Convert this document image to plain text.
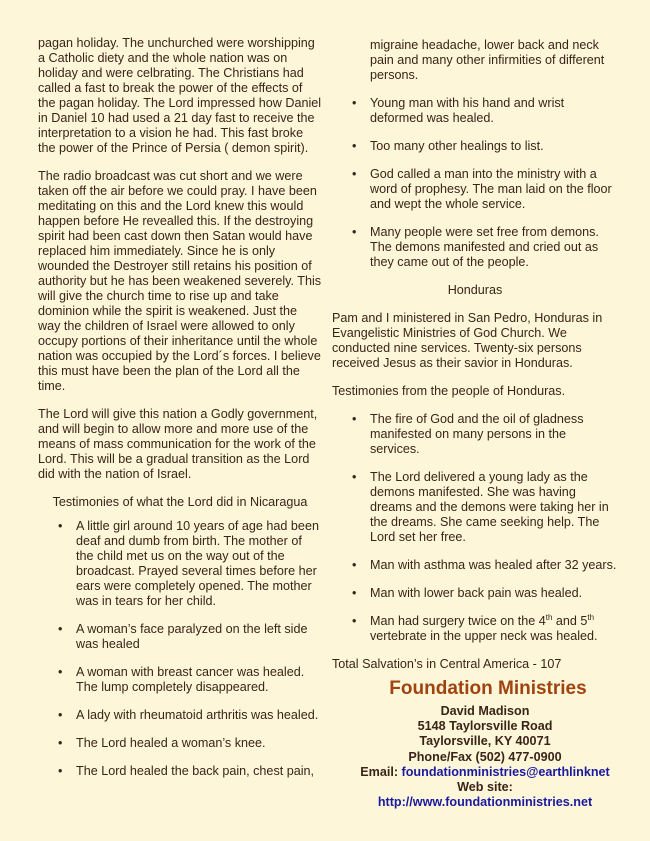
pagan holiday. The unchurched were worshipping a Catholic diety and the whole nation was on holiday and were celbrating. The Christians had called a fast to break the power of the effects of the pagan holiday. The Lord impressed how Daniel in Daniel 10 had used a 21 day fast to receive the interpretation to a vision he had. This fast broke the power of the Prince of Persia ( demon spirit).

The radio broadcast was cut short and we were taken off the air before we could pray. I have been meditating on this and the Lord knew this would happen before He revealled this. If the destroying spirit had been cast down then Satan would have replaced him immediately. Since he is only wounded the Destroyer still retains his position of authority but he has been weakened severely. This will give the church time to rise up and take dominion while the spirit is weakened. Just the way the children of Israel were allowed to only occupy portions of their inheritance until the whole nation was occupied by the Lord´s forces. I believe this must have been the plan of the Lord all the time.

The Lord will give this nation a Godly government, and will begin to allow more and more use of the means of mass communication for the work of the Lord. This will be a gradual transition as the Lord did with the nation of Israel.

Testimonies of what the Lord did in Nicaragua

• A little girl around 10 years of age had been deaf and dumb from birth. The mother of the child met us on the way out of the broadcast. Prayed several times before her ears were completely opened. The mother was in tears for her child.
• A woman’s face paralyzed on the left side was healed
• A woman with breast cancer was healed. The lump completely disappeared.
• A lady with rheumatoid arthritis was healed.
• The Lord healed a woman’s knee.
• The Lord healed the back pain, chest pain,

migraine headache, lower back and neck pain and many other infirmities of different persons.

• Young man with his hand and wrist deformed was healed.
• Too many other healings to list.
• God called a man into the ministry with a word of prophesy. The man laid on the floor and wept the whole service.
• Many people were set free from demons. The demons manifested and cried out as they came out of the people.

Honduras

Pam and I ministered in San Pedro, Honduras in Evangelistic Ministries of God Church. We conducted nine services. Twenty-six persons received Jesus as their savior in Honduras.

Testimonies from the people of Honduras.

• The fire of God and the oil of gladness manifested on many persons in the services.
• The Lord delivered a young lady as the demons manifested. She was having dreams and the demons were taking her in the dreams. She came seeking help. The Lord set her free.
• Man with asthma was healed after 32 years.
• Man with lower back pain was healed.
• Man had surgery twice on the 4th and 5th vertebrate in the upper neck was healed.

Total Salvation’s in Central America - 107

Foundation Ministries
David Madison
5148 Taylorsville Road
Taylorsville, KY 40071
Phone/Fax (502) 477-0900
Email: foundationministries@earthlinknet
Web site: http://www.foundationministries.net
